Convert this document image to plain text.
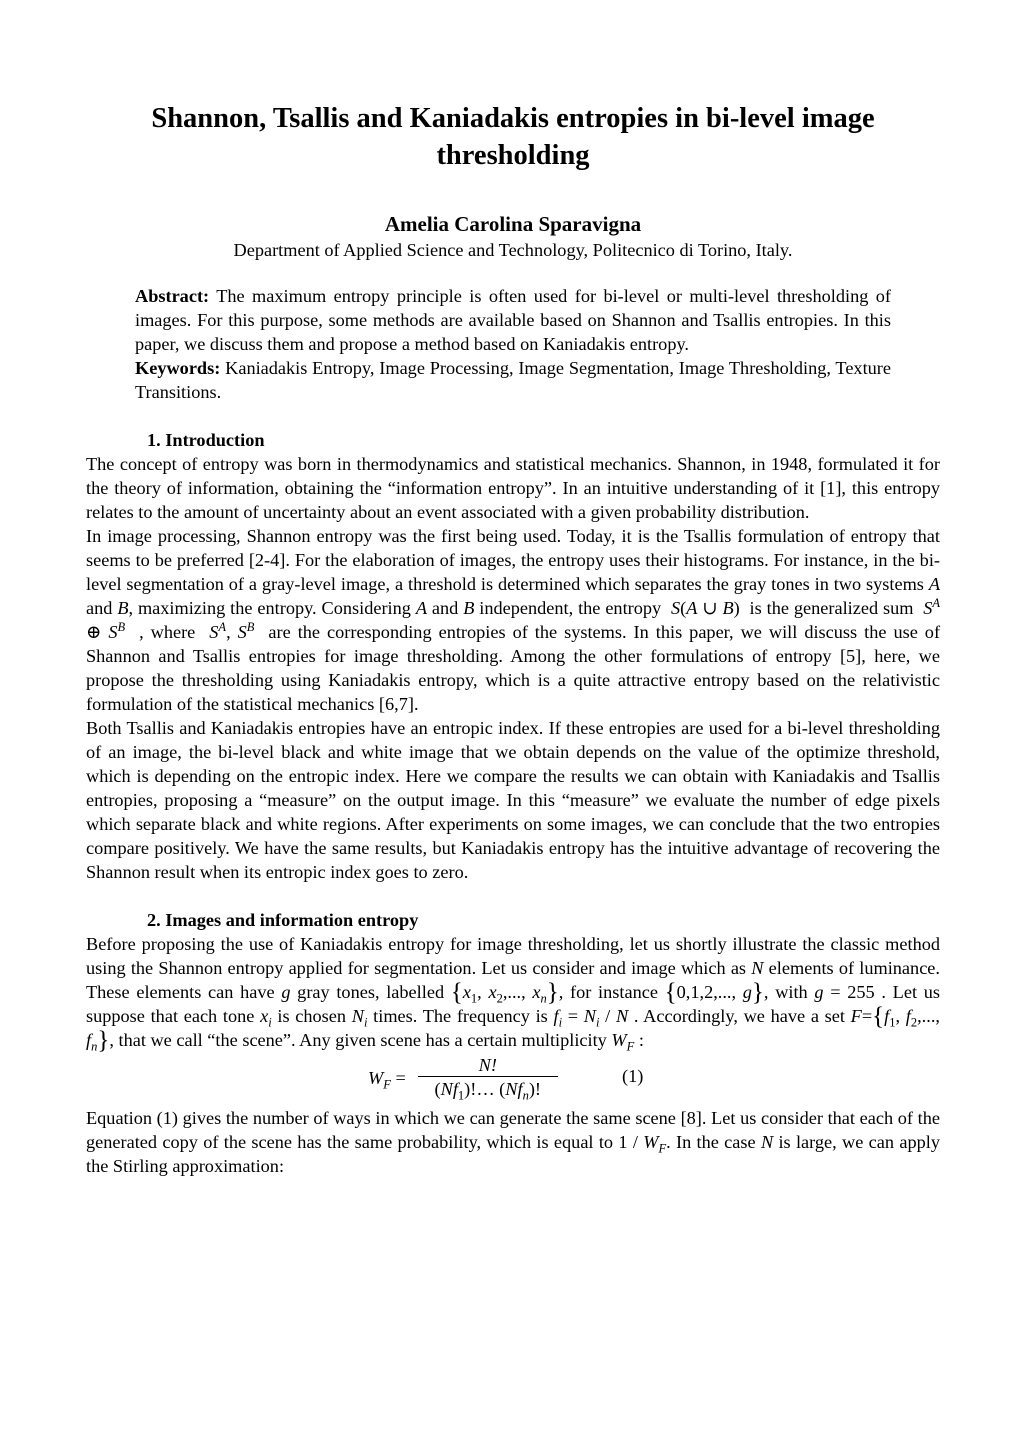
Shannon, Tsallis and Kaniadakis entropies in bi-level image thresholding
Amelia Carolina Sparavigna
Department of Applied Science and Technology, Politecnico di Torino, Italy.

Abstract: The maximum entropy principle is often used for bi-level or multi-level thresholding of images. For this purpose, some methods are available based on Shannon and Tsallis entropies. In this paper, we discuss them and propose a method based on Kaniadakis entropy.

Keywords: Kaniadakis Entropy, Image Processing, Image Segmentation, Image Thresholding, Texture Transitions.

1. Introduction

The concept of entropy was born in thermodynamics and statistical mechanics. Shannon, in 1948, formulated it for the theory of information, obtaining the “information entropy”. In an intuitive understanding of it [1], this entropy relates to the amount of uncertainty about an event associated with a given probability distribution.

In image processing, Shannon entropy was the first being used. Today, it is the Tsallis formulation of entropy that seems to be preferred [2-4]. For the elaboration of images, the entropy uses their histograms. For instance, in the bi-level segmentation of a gray-level image, a threshold is determined which separates the gray tones in two systems A and B, maximizing the entropy. Considering A and B independent, the entropy S(A ∪ B)  is the generalized sum $S^A$ ⊕ $S^B$ , where $S^A$, $S^B$ are the corresponding entropies of the systems. In this paper, we will discuss the use of Shannon and Tsallis entropies for image thresholding. Among the other formulations of entropy [5], here, we propose the thresholding using Kaniadakis entropy, which is a quite attractive entropy based on the relativistic formulation of the statistical mechanics [6,7].

Both Tsallis and Kaniadakis entropies have an entropic index. If these entropies are used for a bi-level thresholding of an image, the bi-level black and white image that we obtain depends on the value of the optimize threshold, which is depending on the entropic index. Here we compare the results we can obtain with Kaniadakis and Tsallis entropies, proposing a “measure” on the output image. In this “measure” we evaluate the number of edge pixels which separate black and white regions. After experiments on some images, we can conclude that the two entropies compare positively. We have the same results, but Kaniadakis entropy has the intuitive advantage of recovering the Shannon result when its entropic index goes to zero.

2. Images and information entropy

Before proposing the use of Kaniadakis entropy for image thresholding, let us shortly illustrate the classic method using the Shannon entropy applied for segmentation. Let us consider and image which as N elements of luminance. These elements can have g gray tones, labelled {$x_1$, $x_2$,..., $x_n$}, for instance {0,1,2,..., g}, with g = 255 . Let us suppose that each tone $x_i$ is chosen $N_i$ times. The frequency is $f_i = N_i / N$ . Accordingly, we have a set $F=\{f_1$, $f_2$,..., $f_n$}, that we call “the scene”. Any given scene has a certain multiplicity $W_F$ :

$W_F = \frac{N!}{(Nf_1)!\dots (Nf_n)!}$	(1)

Equation (1) gives the number of ways in which we can generate the same scene [8]. Let us consider that each of the generated copy of the scene has the same probability, which is equal to $1 / W_F$. In the case N is large, we can apply the Stirling approximation:
